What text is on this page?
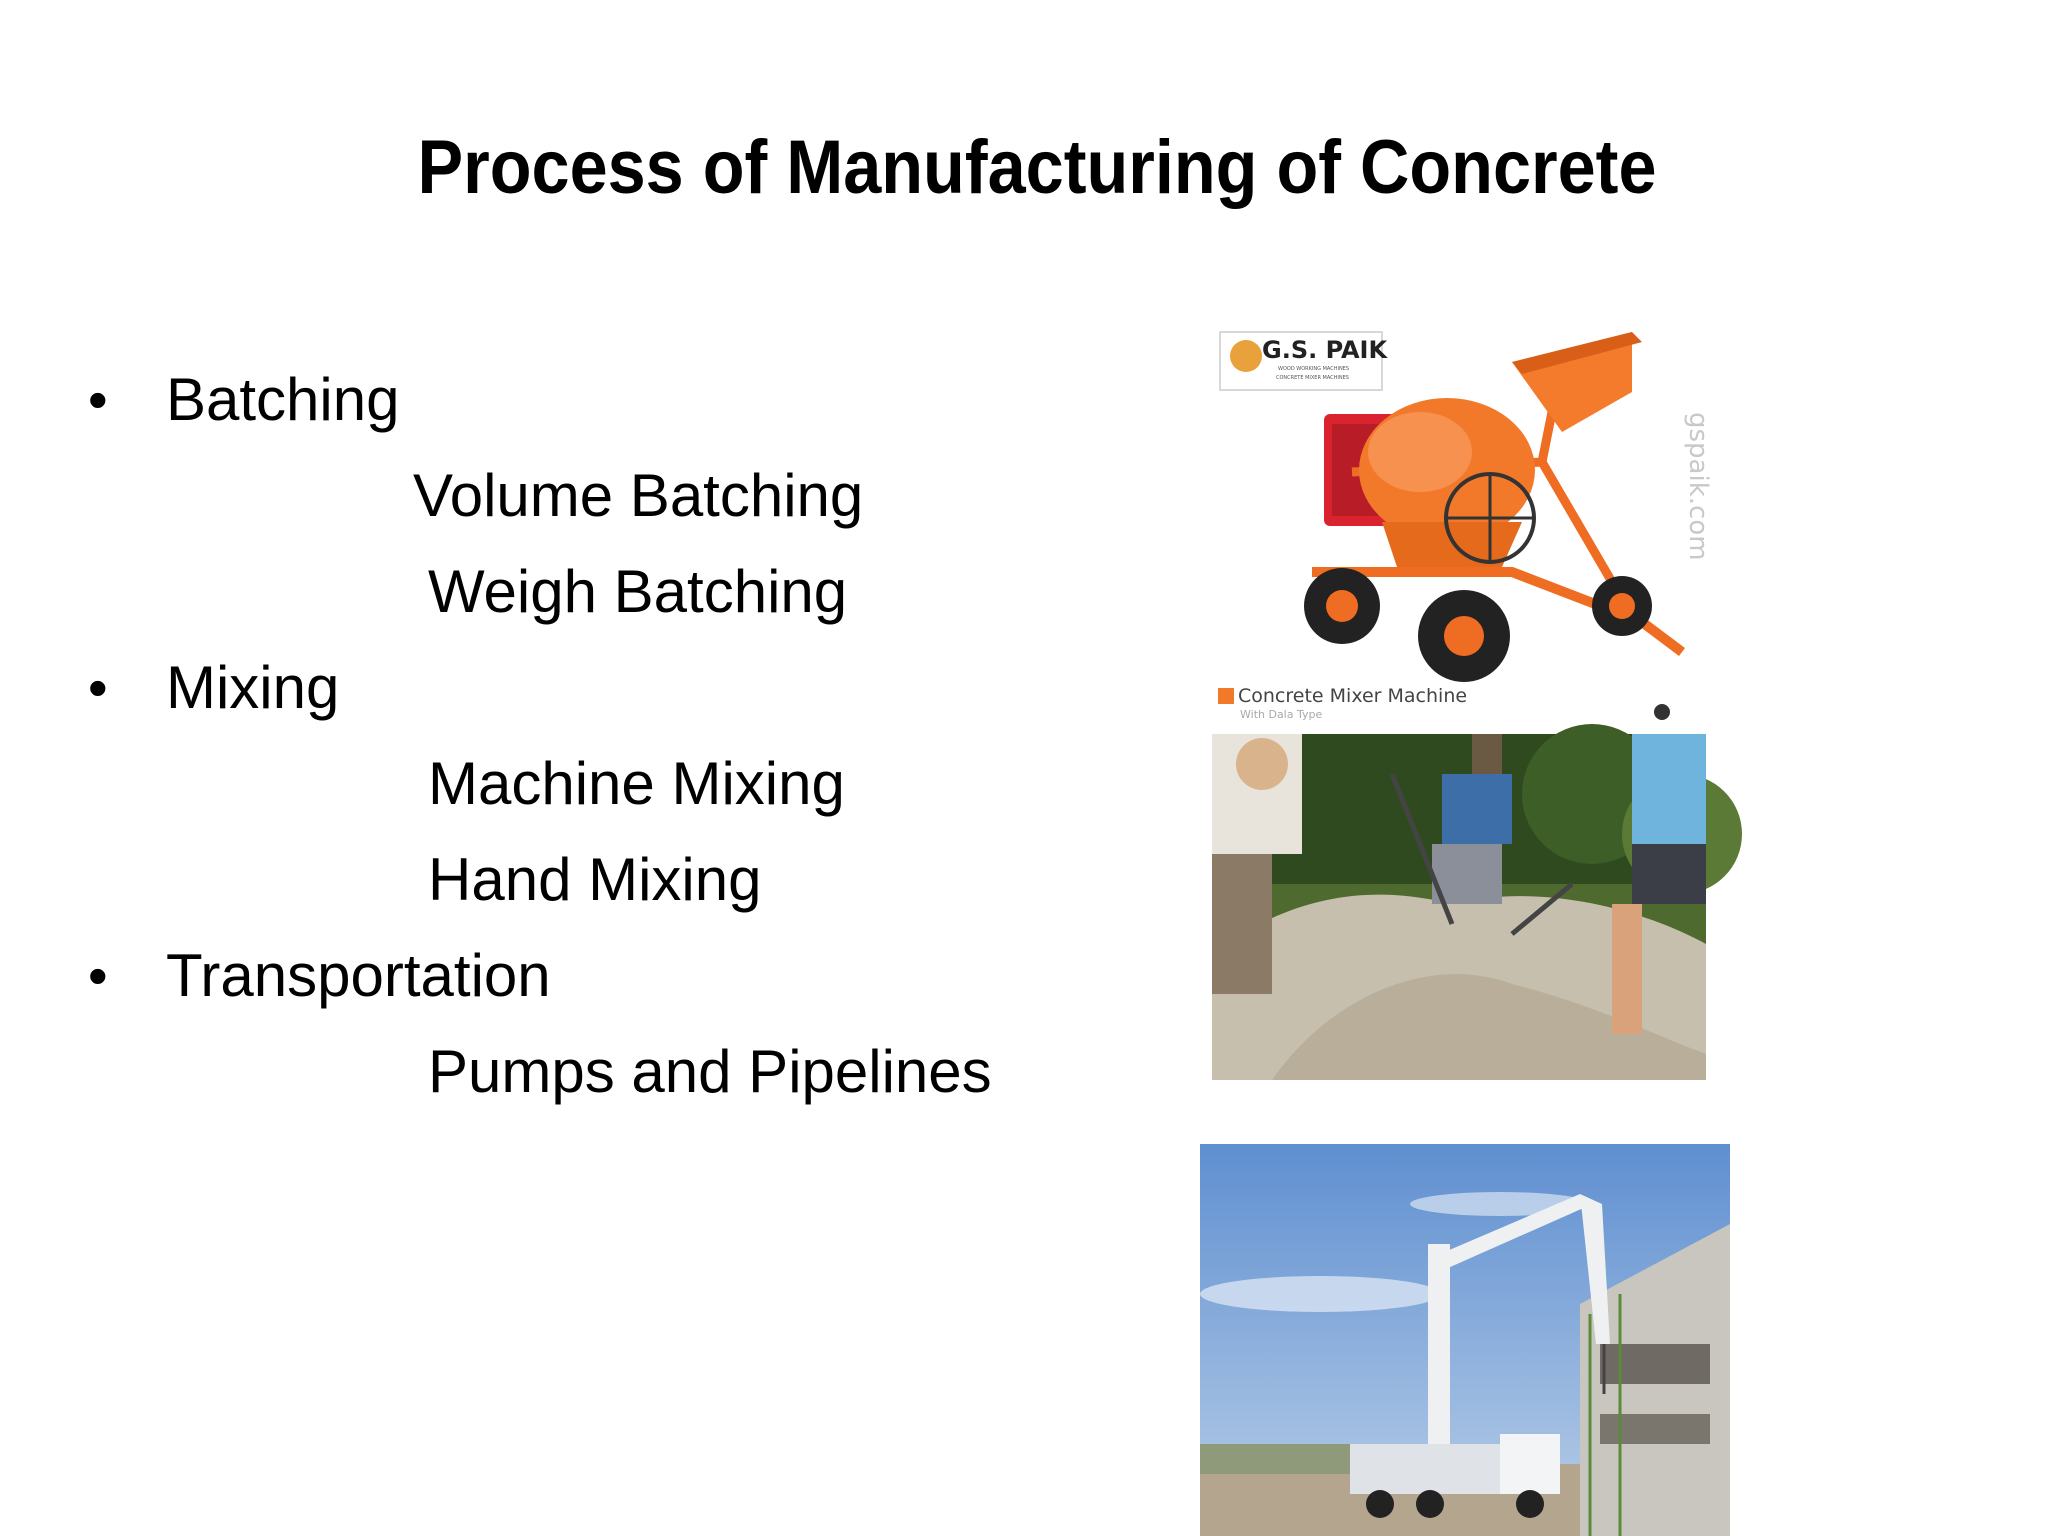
Process of Manufacturing of Concrete
• Batching
Volume Batching
Weigh Batching
• Mixing
Machine Mixing
Hand Mixing
• Transportation
Pumps and Pipelines
G.S. PAIK
WOOD WORKING MACHINES
CONCRETE MIXER MACHINES
gspaik.com
Concrete Mixer Machine
With Dala Type
